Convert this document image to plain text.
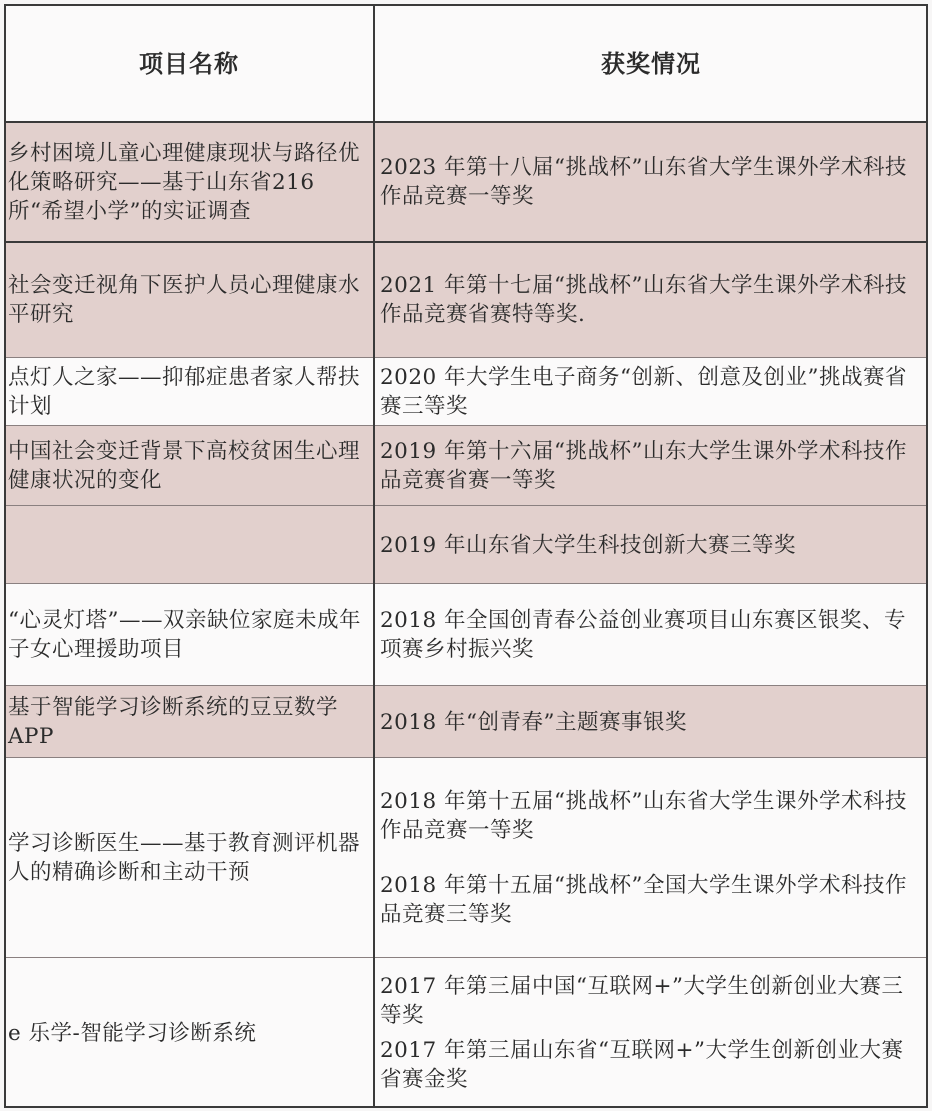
项目名称	获奖情况
乡村困境儿童心理健康现状与路径优化策略研究——基于山东省216所“希望小学”的实证调查
2023 年第十八届“挑战杯”山东省大学生课外学术科技作品竞赛一等奖
社会变迁视角下医护人员心理健康水平研究
2021 年第十七届“挑战杯”山东省大学生课外学术科技作品竞赛省赛特等奖.
点灯人之家——抑郁症患者家人帮扶计划
2020 年大学生电子商务“创新、创意及创业”挑战赛省赛三等奖
中国社会变迁背景下高校贫困生心理健康状况的变化
2019 年第十六届“挑战杯”山东大学生课外学术科技作品竞赛省赛一等奖
2019 年山东省大学生科技创新大赛三等奖
“心灵灯塔”——双亲缺位家庭未成年子女心理援助项目
2018 年全国创青春公益创业赛项目山东赛区银奖、专项赛乡村振兴奖
基于智能学习诊断系统的豆豆数学 APP
2018 年“创青春”主题赛事银奖
学习诊断医生——基于教育测评机器人的精确诊断和主动干预
2018 年第十五届“挑战杯”山东省大学生课外学术科技作品竞赛一等奖
2018 年第十五届“挑战杯”全国大学生课外学术科技作品竞赛三等奖
e 乐学-智能学习诊断系统
2017 年第三届中国“互联网+”大学生创新创业大赛三等奖
2017 年第三届山东省“互联网+”大学生创新创业大赛省赛金奖
